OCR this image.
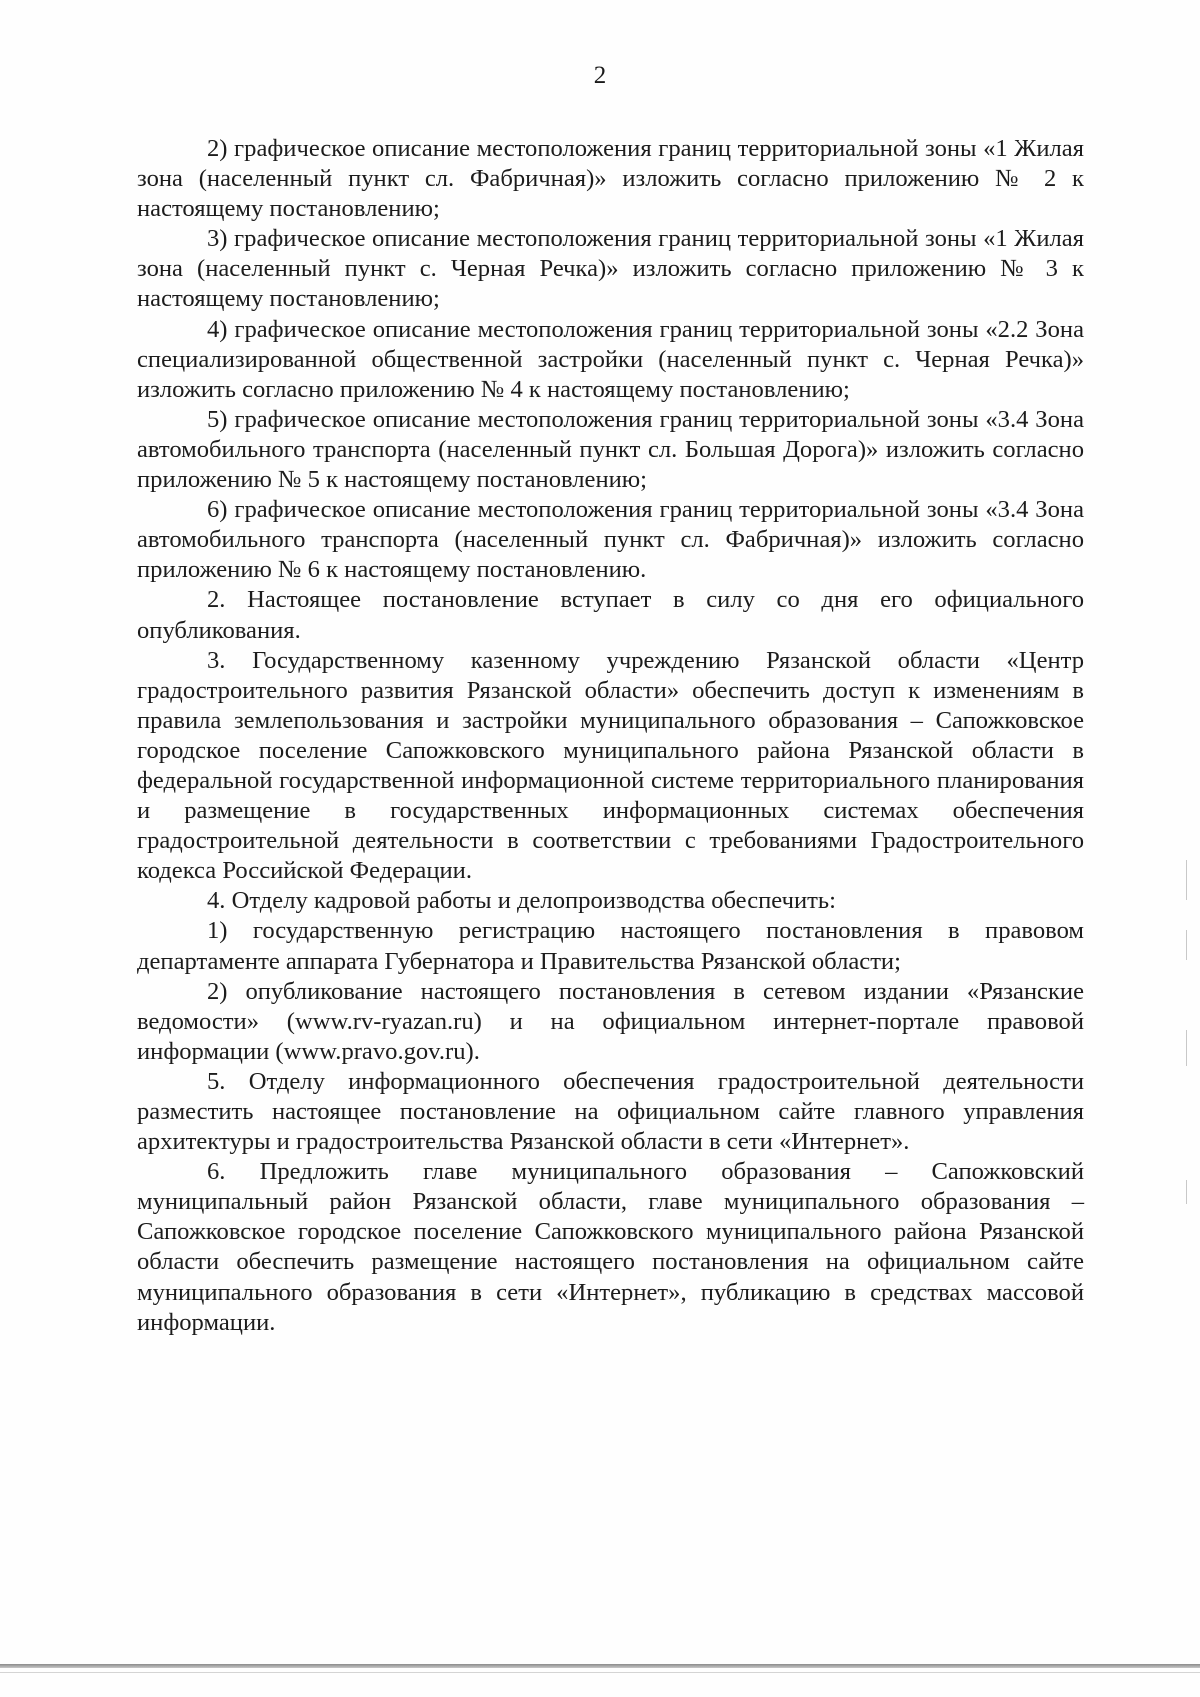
2

2) графическое описание местоположения границ территориальной зоны «1 Жилая зона (населенный пункт сл. Фабричная)» изложить согласно приложению № 2 к настоящему постановлению;

3) графическое описание местоположения границ территориальной зоны «1 Жилая зона (населенный пункт с. Черная Речка)» изложить согласно приложению № 3 к настоящему постановлению;

4) графическое описание местоположения границ территориальной зоны «2.2 Зона специализированной общественной застройки (населенный пункт с. Черная Речка)» изложить согласно приложению № 4 к настоящему постановлению;

5) графическое описание местоположения границ территориальной зоны «3.4 Зона автомобильного транспорта (населенный пункт сл. Большая Дорога)» изложить согласно приложению № 5 к настоящему постановлению;

6) графическое описание местоположения границ территориальной зоны «3.4 Зона автомобильного транспорта (населенный пункт сл. Фабричная)» изложить согласно приложению № 6 к настоящему постановлению.

2. Настоящее постановление вступает в силу со дня его официального опубликования.

3. Государственному казенному учреждению Рязанской области «Центр градостроительного развития Рязанской области» обеспечить доступ к изменениям в правила землепользования и застройки муниципального образования – Сапожковское городское поселение Сапожковского муниципального района Рязанской области в федеральной государственной информационной системе территориального планирования и размещение в государственных информационных системах обеспечения градостроительной деятельности в соответствии с требованиями Градостроительного кодекса Российской Федерации.

4. Отделу кадровой работы и делопроизводства обеспечить:

1) государственную регистрацию настоящего постановления в правовом департаменте аппарата Губернатора и Правительства Рязанской области;

2) опубликование настоящего постановления в сетевом издании «Рязанские ведомости» (www.rv-ryazan.ru) и на официальном интернет-портале правовой информации (www.pravo.gov.ru).

5. Отделу информационного обеспечения градостроительной деятельности разместить настоящее постановление на официальном сайте главного управления архитектуры и градостроительства Рязанской области в сети «Интернет».

6. Предложить главе муниципального образования – Сапожковский муниципальный район Рязанской области, главе муниципального образования – Сапожковское городское поселение Сапожковского муниципального района Рязанской области обеспечить размещение настоящего постановления на официальном сайте муниципального образования в сети «Интернет», публикацию в средствах массовой информации.
